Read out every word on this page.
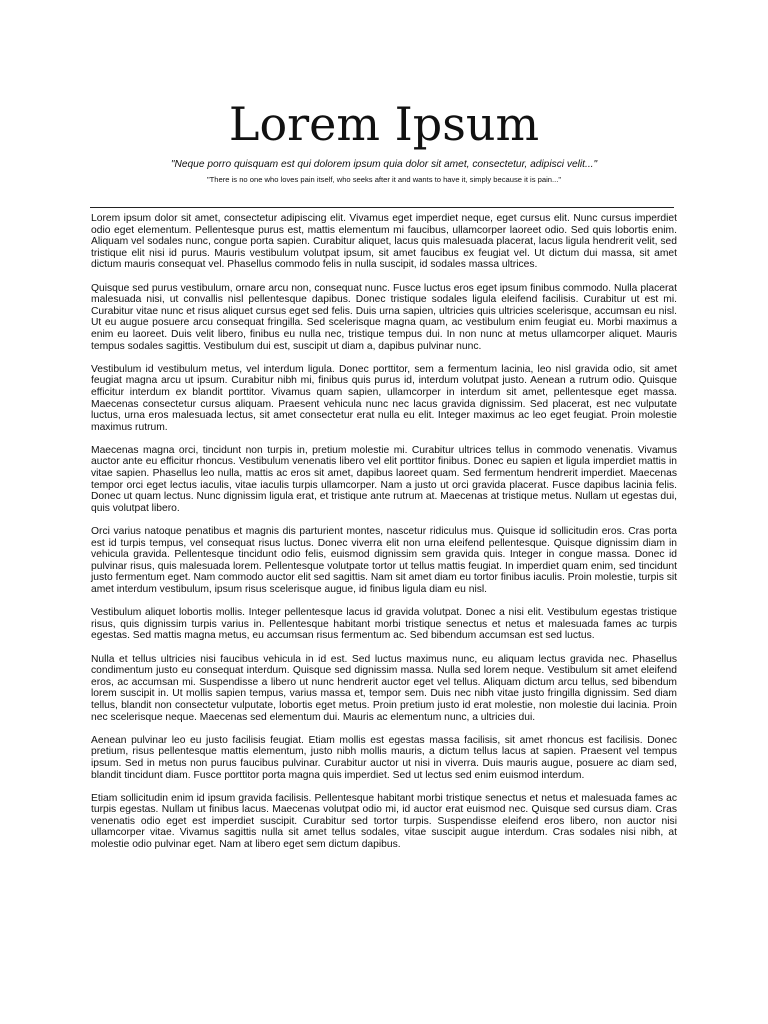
Lorem Ipsum

"Neque porro quisquam est qui dolorem ipsum quia dolor sit amet, consectetur, adipisci velit..."

"There is no one who loves pain itself, who seeks after it and wants to have it, simply because it is pain..."

Lorem ipsum dolor sit amet, consectetur adipiscing elit. Vivamus eget imperdiet neque, eget cursus elit. Nunc cursus imperdiet odio eget elementum. Pellentesque purus est, mattis elementum mi faucibus, ullamcorper laoreet odio. Sed quis lobortis enim. Aliquam vel sodales nunc, congue porta sapien. Curabitur aliquet, lacus quis malesuada placerat, lacus ligula hendrerit velit, sed tristique elit nisi id purus. Mauris vestibulum volutpat ipsum, sit amet faucibus ex feugiat vel. Ut dictum dui massa, sit amet dictum mauris consequat vel. Phasellus commodo felis in nulla suscipit, id sodales massa ultrices.

Quisque sed purus vestibulum, ornare arcu non, consequat nunc. Fusce luctus eros eget ipsum finibus commodo. Nulla placerat malesuada nisi, ut convallis nisl pellentesque dapibus. Donec tristique sodales ligula eleifend facilisis. Curabitur ut est mi. Curabitur vitae nunc et risus aliquet cursus eget sed felis. Duis urna sapien, ultricies quis ultricies scelerisque, accumsan eu nisl. Ut eu augue posuere arcu consequat fringilla. Sed scelerisque magna quam, ac vestibulum enim feugiat eu. Morbi maximus a enim eu laoreet. Duis velit libero, finibus eu nulla nec, tristique tempus dui. In non nunc at metus ullamcorper aliquet. Mauris tempus sodales sagittis. Vestibulum dui est, suscipit ut diam a, dapibus pulvinar nunc.

Vestibulum id vestibulum metus, vel interdum ligula. Donec porttitor, sem a fermentum lacinia, leo nisl gravida odio, sit amet feugiat magna arcu ut ipsum. Curabitur nibh mi, finibus quis purus id, interdum volutpat justo. Aenean a rutrum odio. Quisque efficitur interdum ex blandit porttitor. Vivamus quam sapien, ullamcorper in interdum sit amet, pellentesque eget massa. Maecenas consectetur cursus aliquam. Praesent vehicula nunc nec lacus gravida dignissim. Sed placerat, est nec vulputate luctus, urna eros malesuada lectus, sit amet consectetur erat nulla eu elit. Integer maximus ac leo eget feugiat. Proin molestie maximus rutrum.

Maecenas magna orci, tincidunt non turpis in, pretium molestie mi. Curabitur ultrices tellus in commodo venenatis. Vivamus auctor ante eu efficitur rhoncus. Vestibulum venenatis libero vel elit porttitor finibus. Donec eu sapien et ligula imperdiet mattis in vitae sapien. Phasellus leo nulla, mattis ac eros sit amet, dapibus laoreet quam. Sed fermentum hendrerit imperdiet. Maecenas tempor orci eget lectus iaculis, vitae iaculis turpis ullamcorper. Nam a justo ut orci gravida placerat. Fusce dapibus lacinia felis. Donec ut quam lectus. Nunc dignissim ligula erat, et tristique ante rutrum at. Maecenas at tristique metus. Nullam ut egestas dui, quis volutpat libero.

Orci varius natoque penatibus et magnis dis parturient montes, nascetur ridiculus mus. Quisque id sollicitudin eros. Cras porta est id turpis tempus, vel consequat risus luctus. Donec viverra elit non urna eleifend pellentesque. Quisque dignissim diam in vehicula gravida. Pellentesque tincidunt odio felis, euismod dignissim sem gravida quis. Integer in congue massa. Donec id pulvinar risus, quis malesuada lorem. Pellentesque volutpate tortor ut tellus mattis feugiat. In imperdiet quam enim, sed tincidunt justo fermentum eget. Nam commodo auctor elit sed sagittis. Nam sit amet diam eu tortor finibus iaculis. Proin molestie, turpis sit amet interdum vestibulum, ipsum risus scelerisque augue, id finibus ligula diam eu nisl.

Vestibulum aliquet lobortis mollis. Integer pellentesque lacus id gravida volutpat. Donec a nisi elit. Vestibulum egestas tristique risus, quis dignissim turpis varius in. Pellentesque habitant morbi tristique senectus et netus et malesuada fames ac turpis egestas. Sed mattis magna metus, eu accumsan risus fermentum ac. Sed bibendum accumsan est sed luctus.

Nulla et tellus ultricies nisi faucibus vehicula in id est. Sed luctus maximus nunc, eu aliquam lectus gravida nec. Phasellus condimentum justo eu consequat interdum. Quisque sed dignissim massa. Nulla sed lorem neque. Vestibulum sit amet eleifend eros, ac accumsan mi. Suspendisse a libero ut nunc hendrerit auctor eget vel tellus. Aliquam dictum arcu tellus, sed bibendum lorem suscipit in. Ut mollis sapien tempus, varius massa et, tempor sem. Duis nec nibh vitae justo fringilla dignissim. Sed diam tellus, blandit non consectetur vulputate, lobortis eget metus. Proin pretium justo id erat molestie, non molestie dui lacinia. Proin nec scelerisque neque. Maecenas sed elementum dui. Mauris ac elementum nunc, a ultricies dui.

Aenean pulvinar leo eu justo facilisis feugiat. Etiam mollis est egestas massa facilisis, sit amet rhoncus est facilisis. Donec pretium, risus pellentesque mattis elementum, justo nibh mollis mauris, a dictum tellus lacus at sapien. Praesent vel tempus ipsum. Sed in metus non purus faucibus pulvinar. Curabitur auctor ut nisi in viverra. Duis mauris augue, posuere ac diam sed, blandit tincidunt diam. Fusce porttitor porta magna quis imperdiet. Sed ut lectus sed enim euismod interdum.

Etiam sollicitudin enim id ipsum gravida facilisis. Pellentesque habitant morbi tristique senectus et netus et malesuada fames ac turpis egestas. Nullam ut finibus lacus. Maecenas volutpat odio mi, id auctor erat euismod nec. Quisque sed cursus diam. Cras venenatis odio eget est imperdiet suscipit. Curabitur sed tortor turpis. Suspendisse eleifend eros libero, non auctor nisi ullamcorper vitae. Vivamus sagittis nulla sit amet tellus sodales, vitae suscipit augue interdum. Cras sodales nisi nibh, at molestie odio pulvinar eget. Nam at libero eget sem dictum dapibus.
